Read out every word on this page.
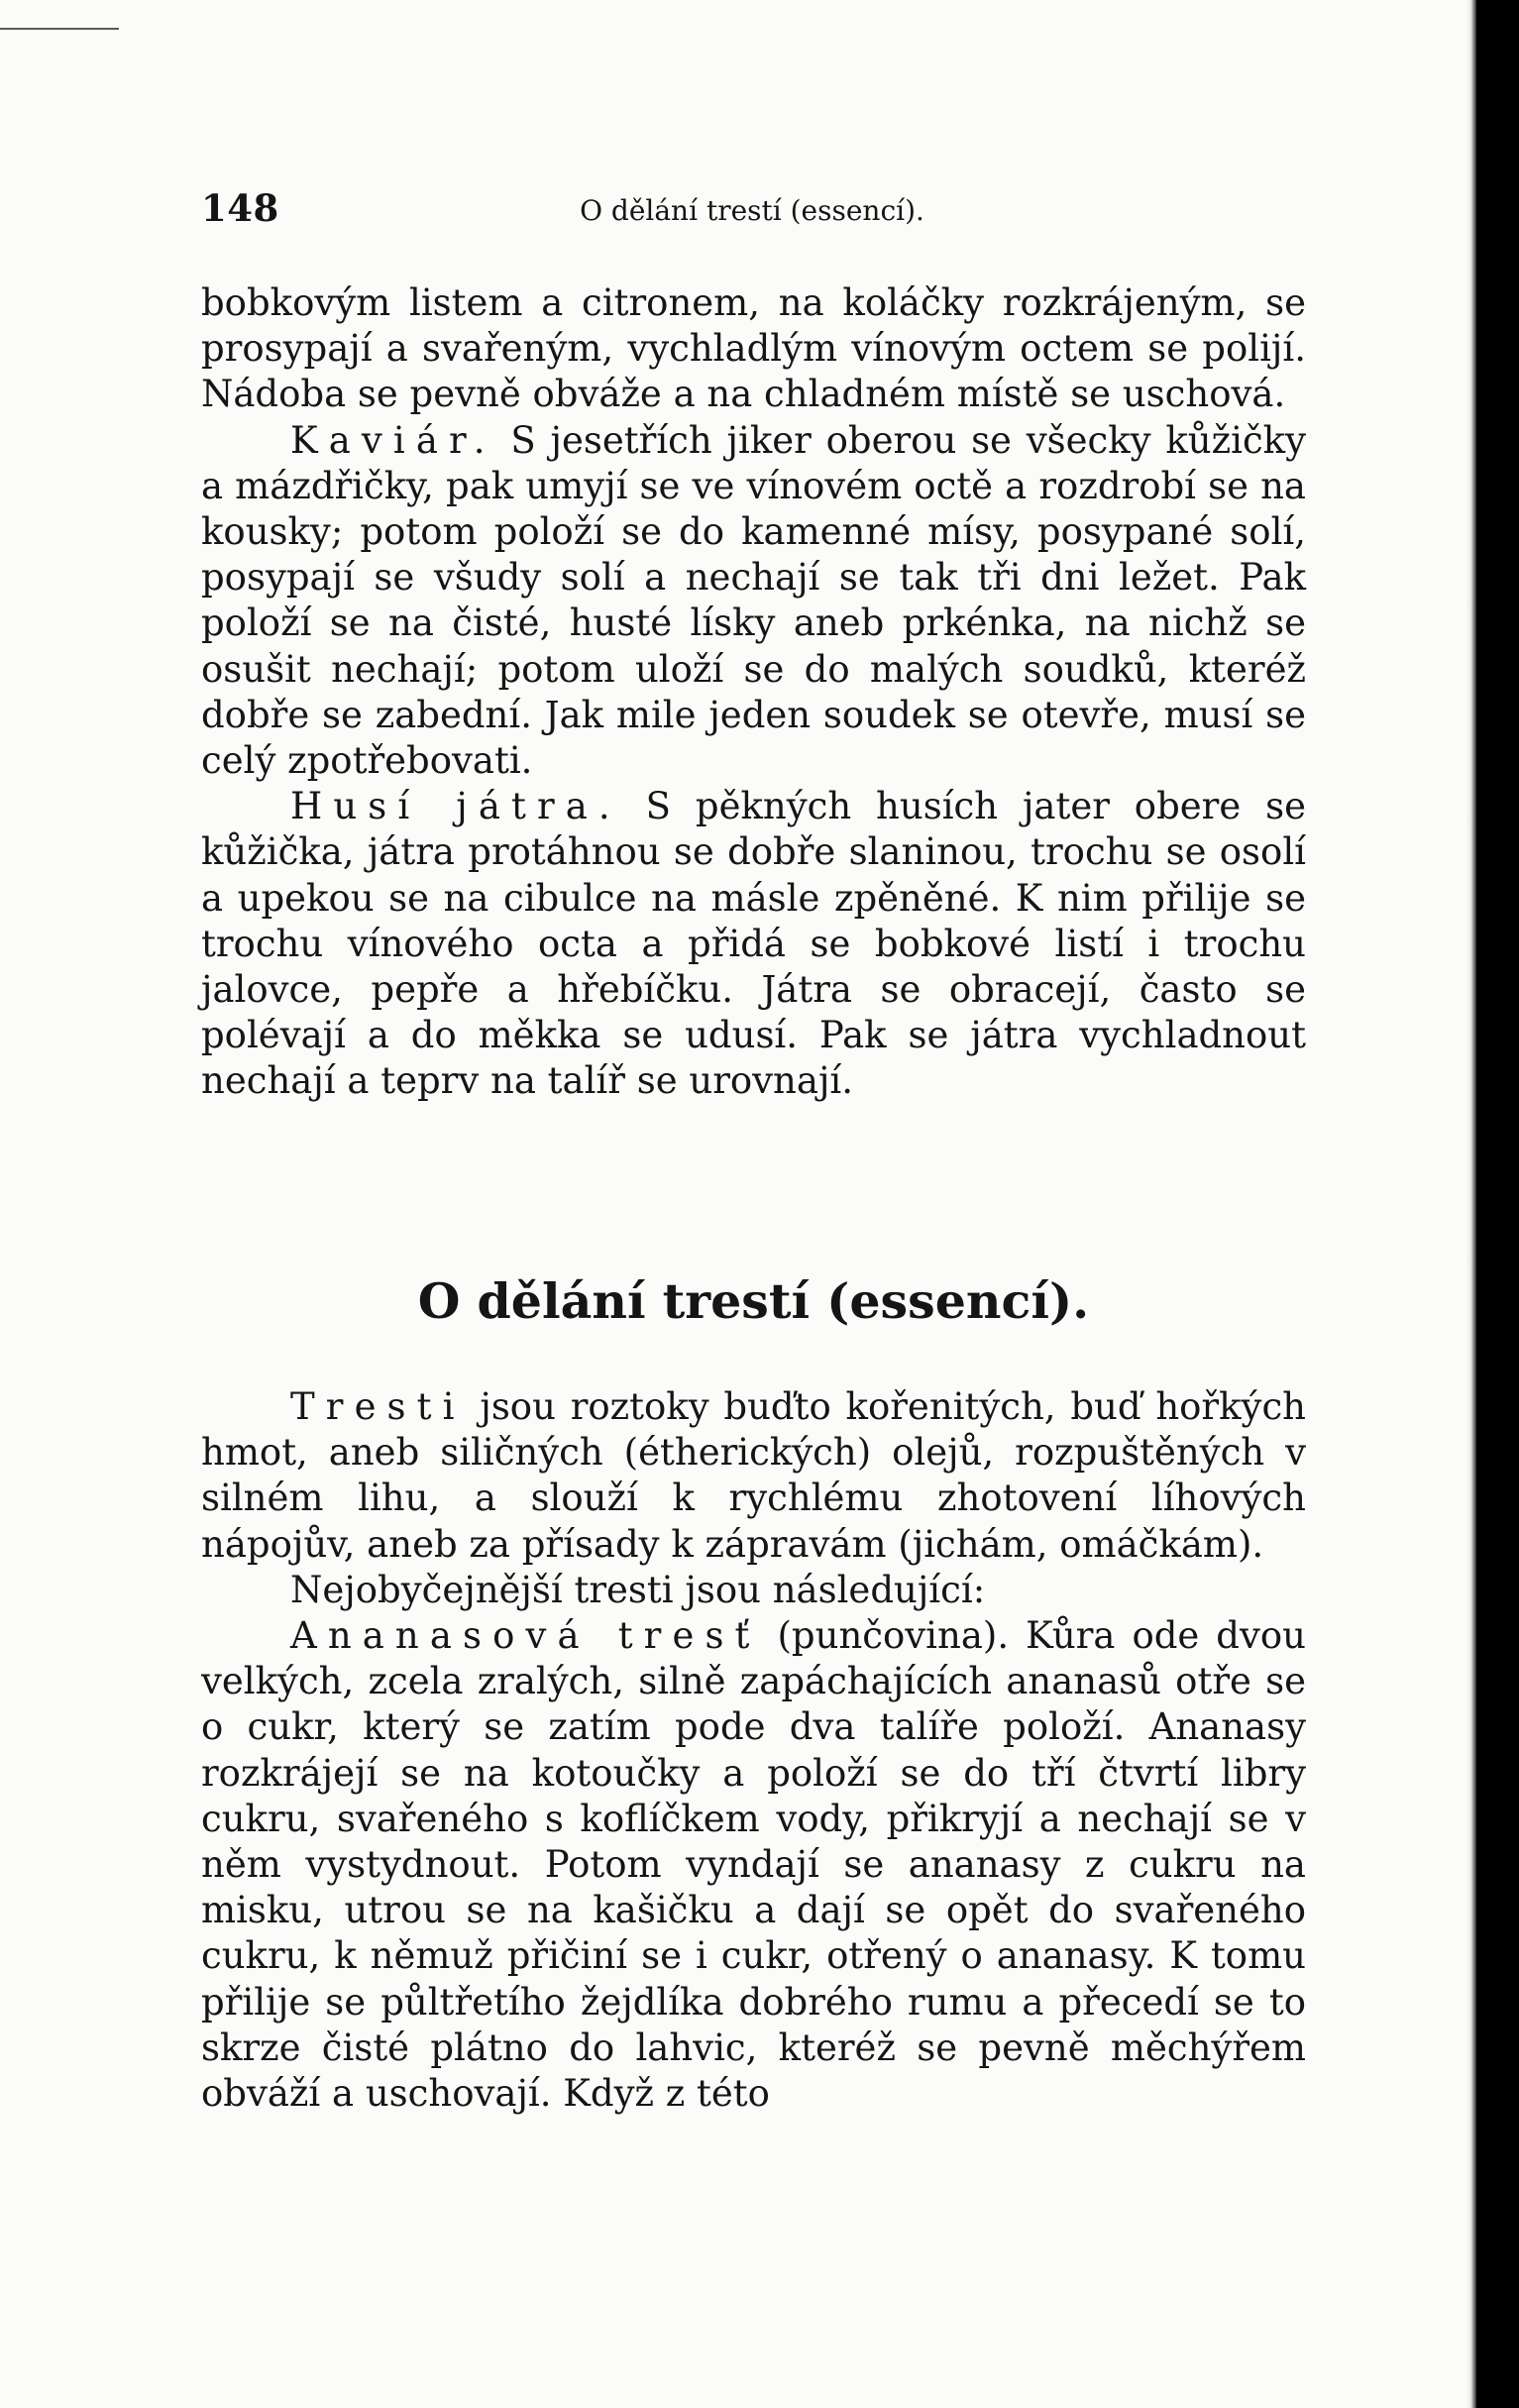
148	O dělání trestí (essencí).

bobkovým listem a citronem, na koláčky rozkrájeným, se prosypají a svařeným, vychladlým vínovým octem se polijí. Nádoba se pevně obváže a na chladném místě se uschová.

Kaviár. S jesetřích jiker oberou se všecky kůžičky a mázdřičky, pak umyjí se ve vínovém octě a rozdrobí se na kousky; potom položí se do kamenné mísy, posypané solí, posypají se všudy solí a nechají se tak tři dni ležet. Pak položí se na čisté, husté lísky aneb prkénka, na nichž se osušit nechají; potom uloží se do malých soudků, kteréž dobře se zabední. Jak mile jeden soudek se otevře, musí se celý zpotřebovati.

Husí játra. S pěkných husích jater obere se kůžička, játra protáhnou se dobře slaninou, trochu se osolí a upekou se na cibulce na másle zpěněné. K nim přilije se trochu vínového octa a přidá se bobkové listí i trochu jalovce, pepře a hřebíčku. Játra se obracejí, často se polévají a do měkka se udusí. Pak se játra vychladnout nechají a teprv na talíř se urovnají.

O dělání trestí (essencí).

Tresti jsou roztoky buďto kořenitých, buď hořkých hmot, aneb siličných (étherických) olejů, rozpuštěných v silném lihu, a slouží k rychlému zhotovení líhových nápojův, aneb za přísady k zápravám (jichám, omáčkám).

Nejobyčejnější tresti jsou následující:

Ananasová tresť (punčovina). Kůra ode dvou velkých, zcela zralých, silně zapáchajících ananasů otře se o cukr, který se zatím pode dva talíře položí. Ananasy rozkrájejí se na kotoučky a položí se do tří čtvrtí libry cukru, svařeného s koflíčkem vody, přikryjí a nechají se v něm vystydnout. Potom vyndají se ananasy z cukru na misku, utrou se na kašičku a dají se opět do svařeného cukru, k němuž přičiní se i cukr, otřený o ananasy. K tomu přilije se půltřetího žejdlíka dobrého rumu a přecedí se to skrze čisté plátno do lahvic, kteréž se pevně měchýřem obváží a uschovají. Když z této
